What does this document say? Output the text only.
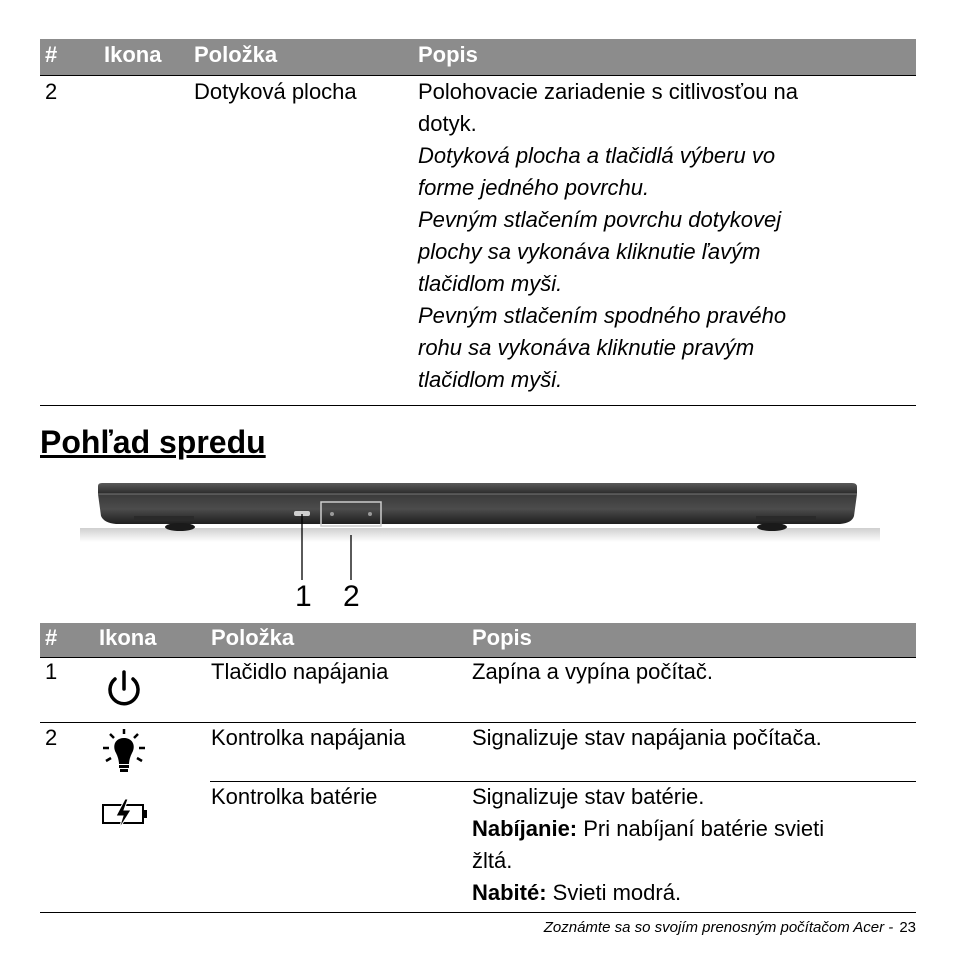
# Ikona Položka	Popis
2	Dotyková plocha	Polohovacie zariadenie s citlivosťou na
dotyk.
Dotyková plocha a tlačidlá výberu vo
forme jedného povrchu.
Pevným stlačením povrchu dotykovej
plochy sa vykonáva kliknutie ľavým
tlačidlom myši.
Pevným stlačením spodného pravého
rohu sa vykonáva kliknutie pravým
tlačidlom myši.
Pohľad spredu
1 2
# Ikona Položka	Popis
1	Tlačidlo napájania	Zapína a vypína počítač.
2	Kontrolka napájania	Signalizuje stav napájania počítača.
Kontrolka batérie	Signalizuje stav batérie.
Nabíjanie: Pri nabíjaní batérie svieti
žltá.
Nabité: Svieti modrá.
Zoznámte sa so svojím prenosným počítačom Acer - 23
